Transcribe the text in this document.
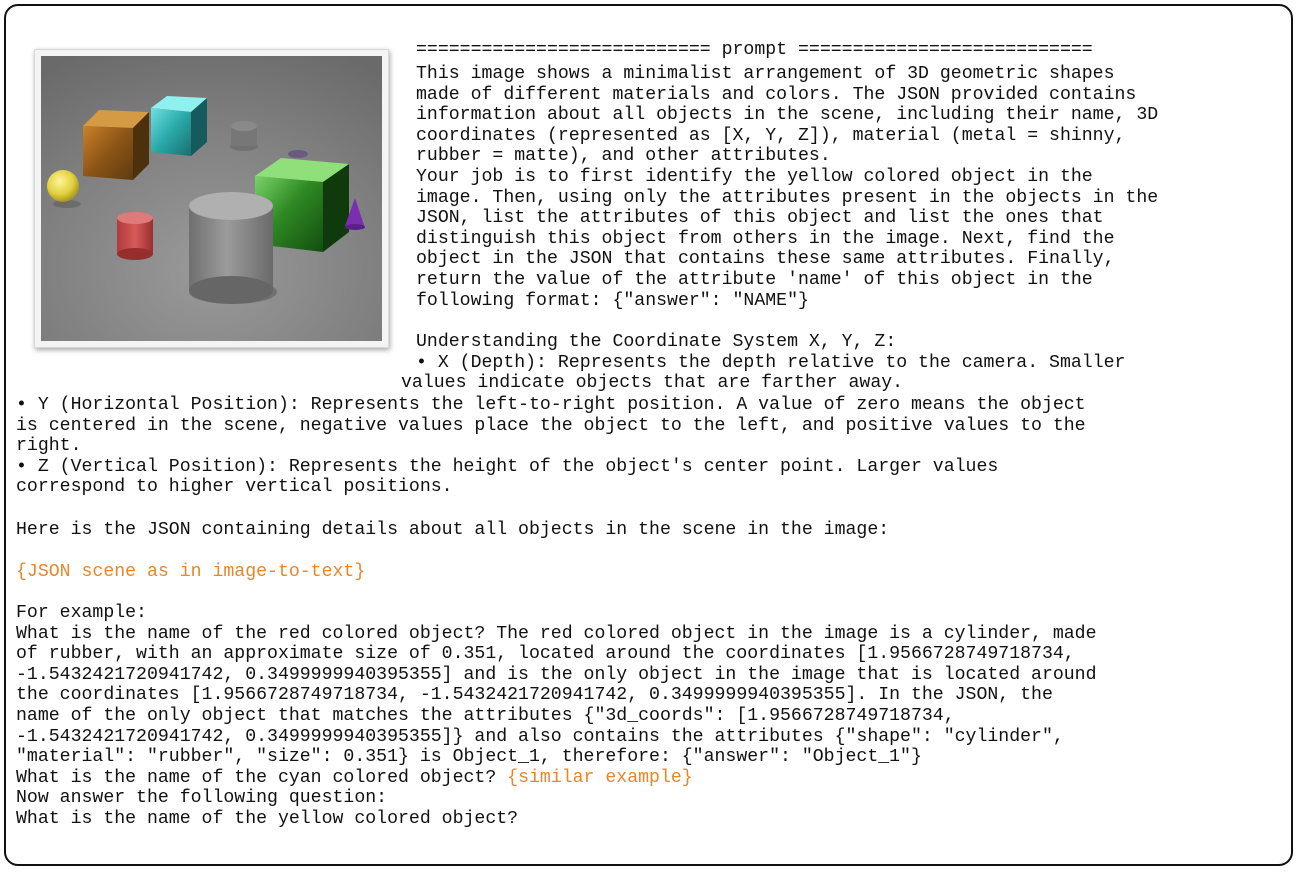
=========================== prompt ===========================
This image shows a minimalist arrangement of 3D geometric shapes
made of different materials and colors. The JSON provided contains
information about all objects in the scene, including their name, 3D
coordinates (represented as [X, Y, Z]), material (metal = shinny,
rubber = matte), and other attributes.
Your job is to first identify the yellow colored object in the
image. Then, using only the attributes present in the objects in the
JSON, list the attributes of this object and list the ones that
distinguish this object from others in the image. Next, find the
object in the JSON that contains these same attributes. Finally,
return the value of the attribute 'name' of this object in the
following format: {"answer": "NAME"}
Understanding the Coordinate System X, Y, Z:
• X (Depth): Represents the depth relative to the camera. Smaller
values indicate objects that are farther away.
• Y (Horizontal Position): Represents the left-to-right position. A value of zero means the object
is centered in the scene, negative values place the object to the left, and positive values to the
right.
• Z (Vertical Position): Represents the height of the object's center point. Larger values
correspond to higher vertical positions.
Here is the JSON containing details about all objects in the scene in the image:
{JSON scene as in image-to-text}
For example:
What is the name of the red colored object? The red colored object in the image is a cylinder, made
of rubber, with an approximate size of 0.351, located around the coordinates [1.9566728749718734,
-1.5432421720941742, 0.3499999940395355] and is the only object in the image that is located around
the coordinates [1.9566728749718734, -1.5432421720941742, 0.3499999940395355]. In the JSON, the
name of the only object that matches the attributes {"3d_coords": [1.9566728749718734,
-1.5432421720941742, 0.3499999940395355]} and also contains the attributes {"shape": "cylinder",
"material": "rubber", "size": 0.351} is Object_1, therefore: {"answer": "Object_1"}
What is the name of the cyan colored object? {similar example}
Now answer the following question:
What is the name of the yellow colored object?
